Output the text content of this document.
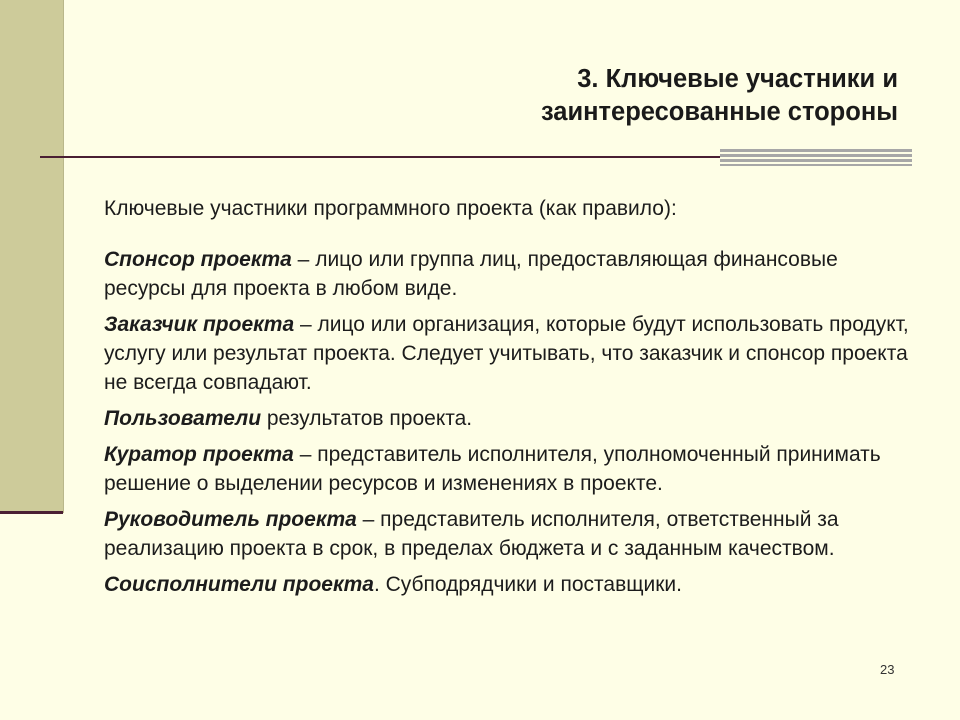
3. Ключевые участники и
заинтересованные стороны

Ключевые участники программного проекта (как правило):

Спонсор проекта – лицо или группа лиц, предоставляющая финансовые ресурсы для проекта в любом виде.

Заказчик проекта – лицо или организация, которые будут использовать продукт, услугу или результат проекта. Следует учитывать, что заказчик и спонсор проекта не всегда совпадают.

Пользователи результатов проекта.

Куратор проекта – представитель исполнителя, уполномоченный принимать решение о выделении ресурсов и изменениях в проекте.

Руководитель проекта – представитель исполнителя, ответственный за реализацию проекта в срок, в пределах бюджета и с заданным качеством.

Соисполнители проекта. Субподрядчики и поставщики.

23
